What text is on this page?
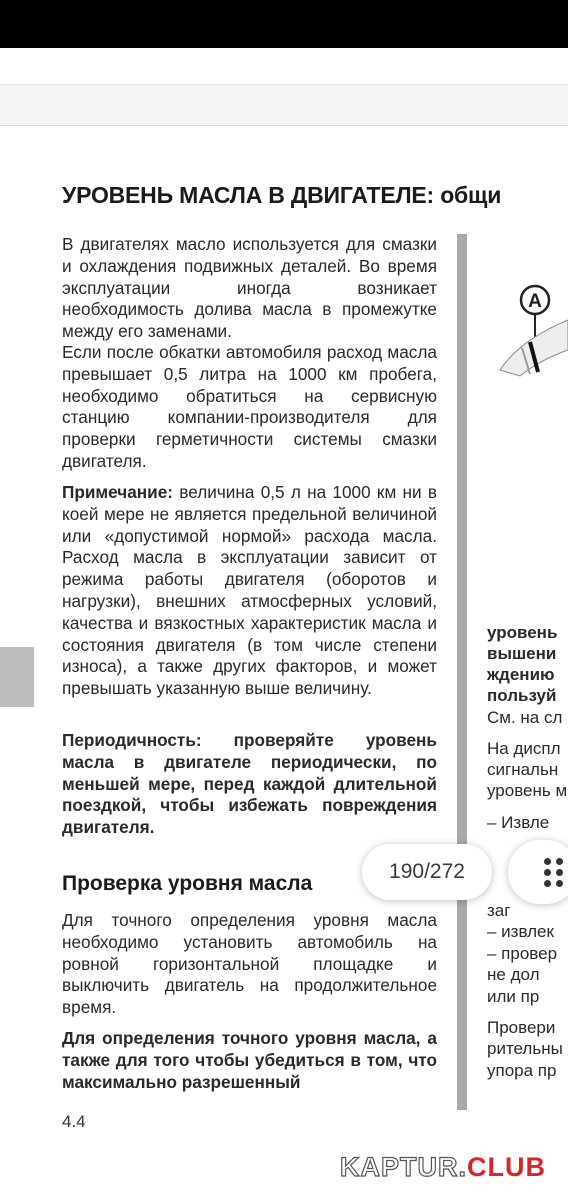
УРОВЕНЬ МАСЛА В ДВИГАТЕЛЕ: общи

В двигателях масло используется для смазки и охлаждения подвижных деталей. Во время эксплуатации иногда возникает необходимость долива масла в промежутке между его заменами.

Если после обкатки автомобиля расход масла превышает 0,5 литра на 1000 км пробега, необходимо обратиться на сервисную станцию компании-производителя для проверки герметичности системы смазки двигателя.

Примечание: величина 0,5 л на 1000 км ни в коей мере не является предельной величиной или «допустимой нормой» расхода масла. Расход масла в эксплуатации зависит от режима работы двигателя (оборотов и нагрузки), внешних атмосферных условий, качества и вязкостных характеристик масла и состояния двигателя (в том числе степени износа), а также других факторов, и может превышать указанную выше величину.

Периодичность: проверяйте уровень масла в двигателе периодически, по меньшей мере, перед каждой длительной поездкой, чтобы избежать повреждения двигателя.

Проверка уровня масла

Для точного определения уровня масла необходимо установить автомобиль на ровной горизонтальной площадке и выключить двигатель на продолжительное время.

Для определения точного уровня масла, а также для того чтобы убедиться в том, что максимально разрешенный

4.4
A
уровень
вышени
ждению
пользуй
См. на сл
На диспл
сигнальн
уровень м
– Извле
заг
– извлек
– провер
не дол
или пр
Провери
рительны
упора пр
190/272
KAPTUR.CLUB
